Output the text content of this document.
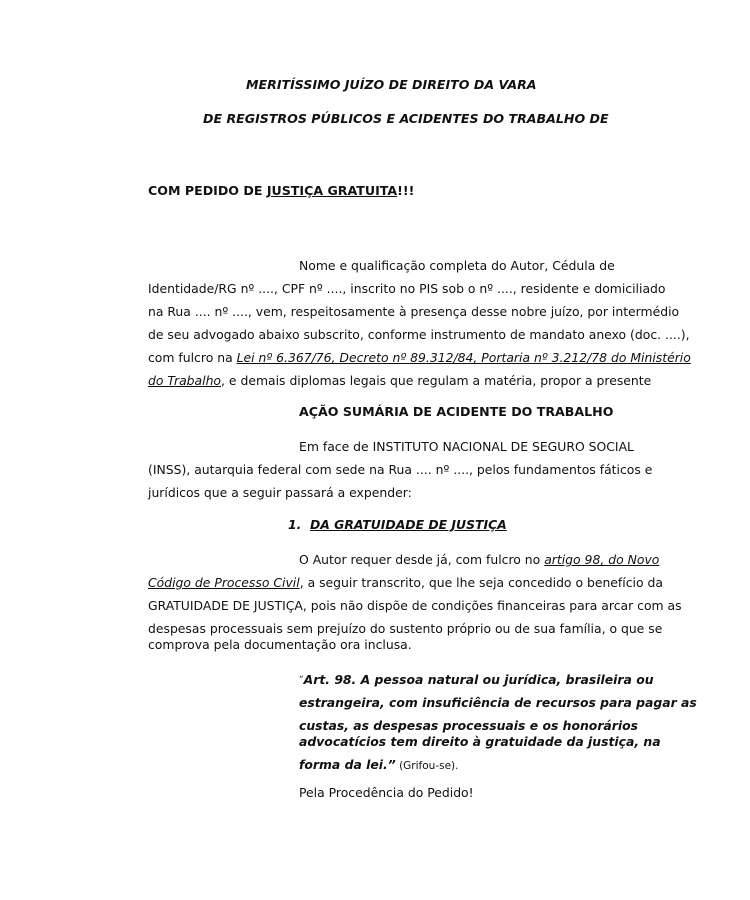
MERITÍSSIMO JUÍZO DE DIREITO DA VARA
DE REGISTROS PÚBLICOS E ACIDENTES DO TRABALHO DE
COM PEDIDO DE JUSTIÇA GRATUITA!!!
Nome e qualificação completa do Autor, Cédula de
Identidade/RG nº ...., CPF nº ...., inscrito no PIS sob o nº ...., residente e domiciliado
na Rua .... nº ...., vem, respeitosamente à presença desse nobre juízo, por intermédio
de seu advogado abaixo subscrito, conforme instrumento de mandato anexo (doc. ....),
com fulcro na Lei nº 6.367/76, Decreto nº 89.312/84, Portaria nº 3.212/78 do Ministério
do Trabalho, e demais diplomas legais que regulam a matéria, propor a presente
AÇÃO SUMÁRIA DE ACIDENTE DO TRABALHO
Em face de INSTITUTO NACIONAL DE SEGURO SOCIAL
(INSS), autarquia federal com sede na Rua .... nº ...., pelos fundamentos fáticos e
jurídicos que a seguir passará a expender:
1. DA GRATUIDADE DE JUSTIÇA
O Autor requer desde já, com fulcro no artigo 98, do Novo
Código de Processo Civil, a seguir transcrito, que lhe seja concedido o benefício da
GRATUIDADE DE JUSTIÇA, pois não dispõe de condições financeiras para arcar com as
despesas processuais sem prejuízo do sustento próprio ou de sua família, o que se
comprova pela documentação ora inclusa.
“Art. 98. A pessoa natural ou jurídica, brasileira ou
estrangeira, com insuficiência de recursos para pagar as
custas, as despesas processuais e os honorários
advocatícios tem direito à gratuidade da justiça, na
forma da lei.” (Grifou-se).
Pela Procedência do Pedido!
